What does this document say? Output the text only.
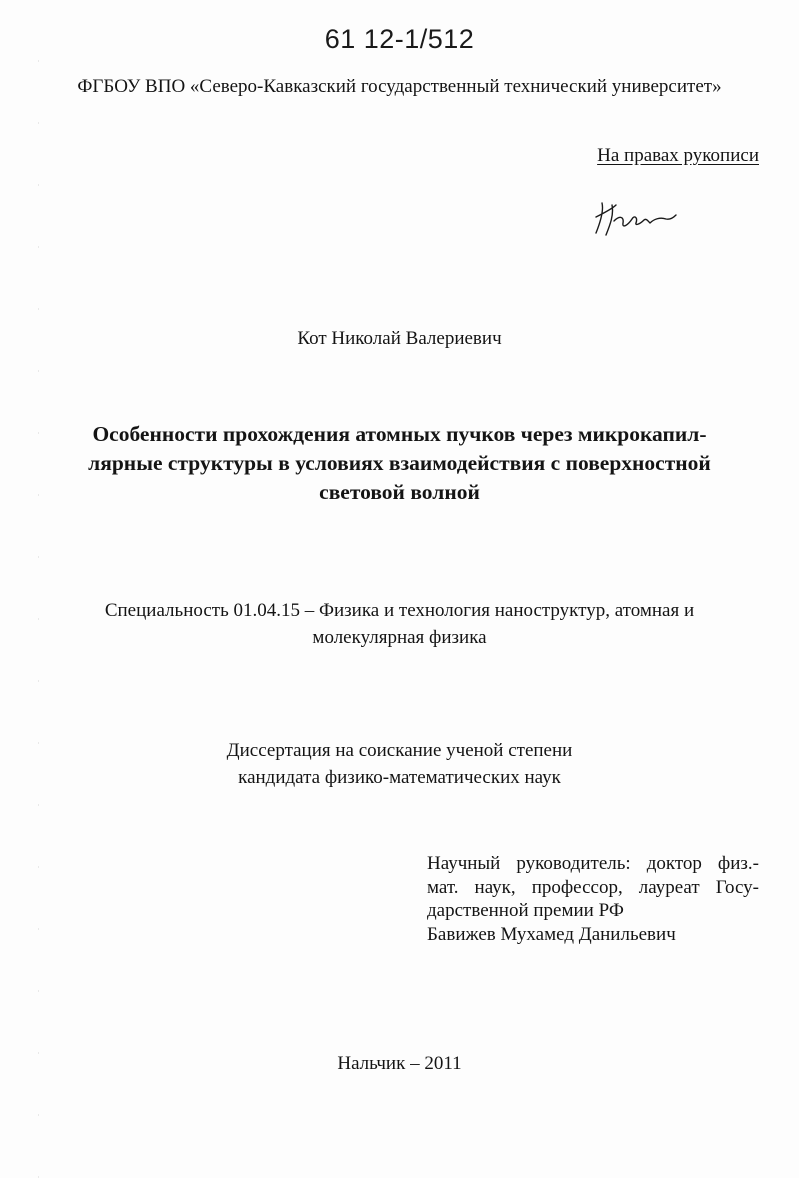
61 12-1/512
ФГБОУ ВПО «Северо-Кавказский государственный технический университет»
На правах рукописи
Кот Николай Валериевич
Особенности прохождения атомных пучков через микрокапил-
лярные структуры в условиях взаимодействия с поверхностной
световой волной
Специальность 01.04.15 – Физика и технология наноструктур, атомная и
молекулярная физика
Диссертация на соискание ученой степени
кандидата физико-математических наук
Научный руководитель: доктор физ.-
мат. наук, профессор, лауреат Госу-
дарственной премии РФ
Бавижев Мухамед Данильевич
Нальчик – 2011
